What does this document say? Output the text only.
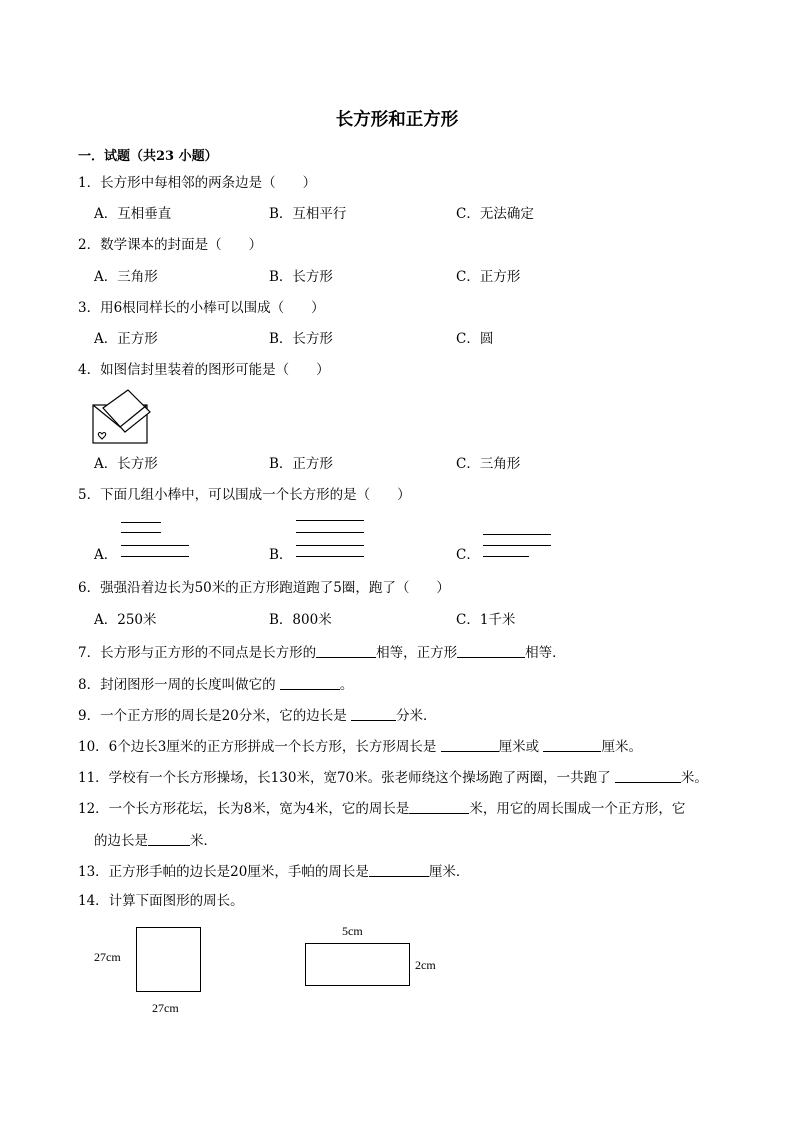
长方形和正方形
一．试题（共23 小题）
1．长方形中每相邻的两条边是（　　）
A．互相垂直	B．互相平行	C．无法确定
2．数学课本的封面是（　　）
A．三角形	B．长方形	C．正方形
3．用6根同样长的小棒可以围成（　　）
A．正方形	B．长方形	C．圆
4．如图信封里装着的图形可能是（　　）
A．长方形	B．正方形	C．三角形
5．下面几组小棒中，可以围成一个长方形的是（　　）
A．	B．	C．
6．强强沿着边长为50米的正方形跑道跑了5圈，跑了（　　）
A．250米	B．800米	C．1千米
7．长方形与正方形的不同点是长方形的	相等，正方形	相等．
8．封闭图形一周的长度叫做它的	。
9．一个正方形的周长是20分米，它的边长是	分米．
10．6个边长3厘米的正方形拼成一个长方形，长方形周长是	厘米或	厘米。
11．学校有一个长方形操场，长130米，宽70米。张老师绕这个操场跑了两圈，一共跑了	米。
12．一个长方形花坛，长为8米，宽为4米，它的周长是	米，用它的周长围成一个正方形，它
的边长是	米．
13．正方形手帕的边长是20厘米，手帕的周长是	厘米．
14．计算下面图形的周长。
27cm
27cm
5cm
2cm
